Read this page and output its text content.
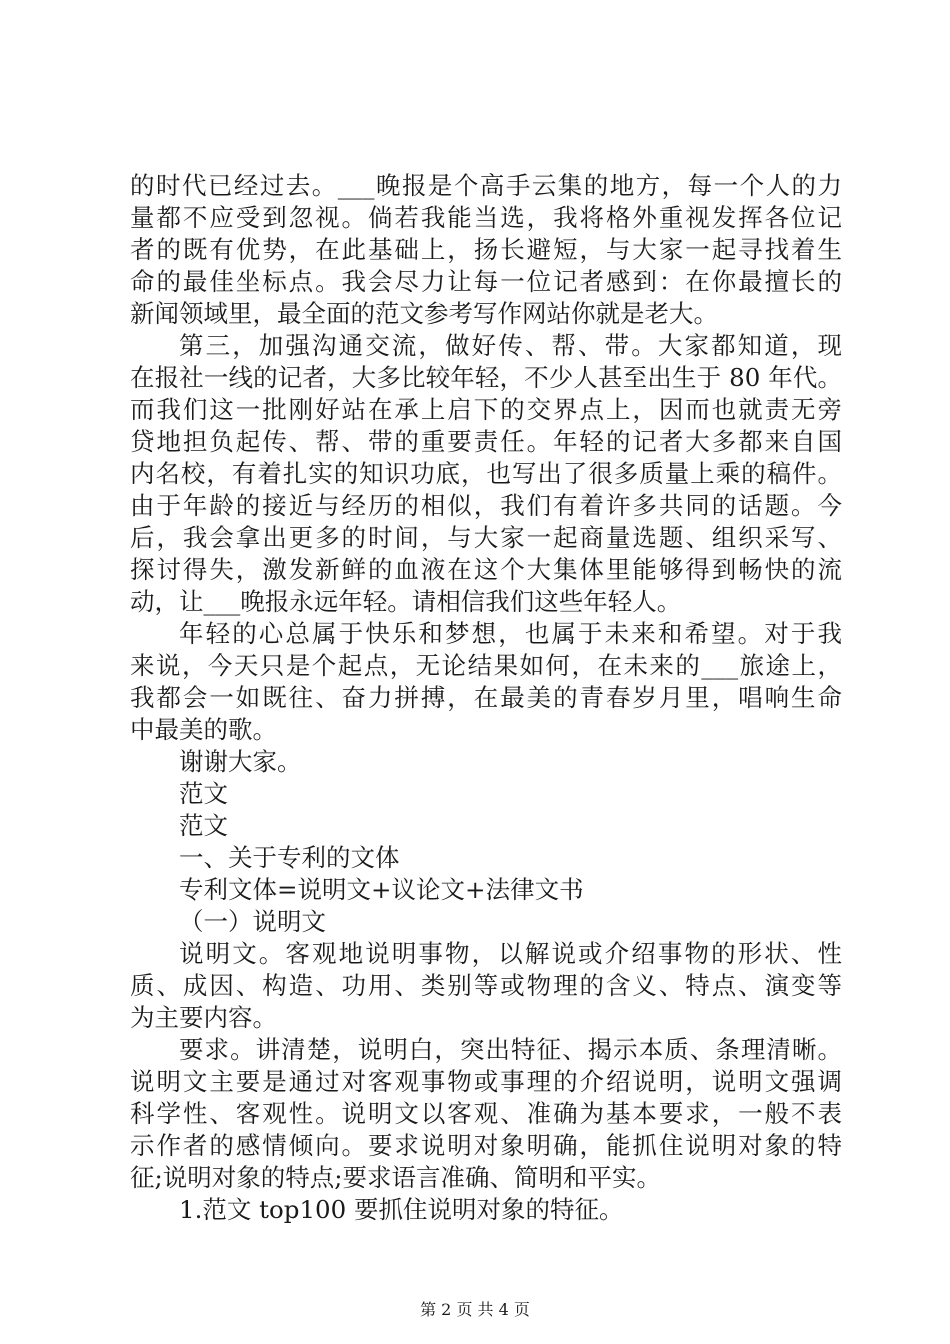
的时代已经过去。___晚报是个高手云集的地方，每一个人的力
量都不应受到忽视。倘若我能当选，我将格外重视发挥各位记
者的既有优势，在此基础上，扬长避短，与大家一起寻找着生
命的最佳坐标点。我会尽力让每一位记者感到：在你最擅长的
新闻领域里，最全面的范文参考写作网站你就是老大。
第三，加强沟通交流，做好传、帮、带。大家都知道，现
在报社一线的记者，大多比较年轻，不少人甚至出生于 80 年代。
而我们这一批刚好站在承上启下的交界点上，因而也就责无旁
贷地担负起传、帮、带的重要责任。年轻的记者大多都来自国
内名校，有着扎实的知识功底，也写出了很多质量上乘的稿件。
由于年龄的接近与经历的相似，我们有着许多共同的话题。今
后，我会拿出更多的时间，与大家一起商量选题、组织采写、
探讨得失，激发新鲜的血液在这个大集体里能够得到畅快的流
动，让___晚报永远年轻。请相信我们这些年轻人。
年轻的心总属于快乐和梦想，也属于未来和希望。对于我
来说，今天只是个起点，无论结果如何，在未来的___旅途上，
我都会一如既往、奋力拼搏，在最美的青春岁月里，唱响生命
中最美的歌。
谢谢大家。
范文
范文
一、关于专利的文体
专利文体=说明文+议论文+法律文书
（一）说明文
说明文。客观地说明事物，以解说或介绍事物的形状、性
质、成因、构造、功用、类别等或物理的含义、特点、演变等
为主要内容。
要求。讲清楚，说明白，突出特征、揭示本质、条理清晰。
说明文主要是通过对客观事物或事理的介绍说明，说明文强调
科学性、客观性。说明文以客观、准确为基本要求，一般不表
示作者的感情倾向。要求说明对象明确，能抓住说明对象的特
征;说明对象的特点;要求语言准确、简明和平实。
1.范文 top100 要抓住说明对象的特征。
第 2 页 共 4 页
